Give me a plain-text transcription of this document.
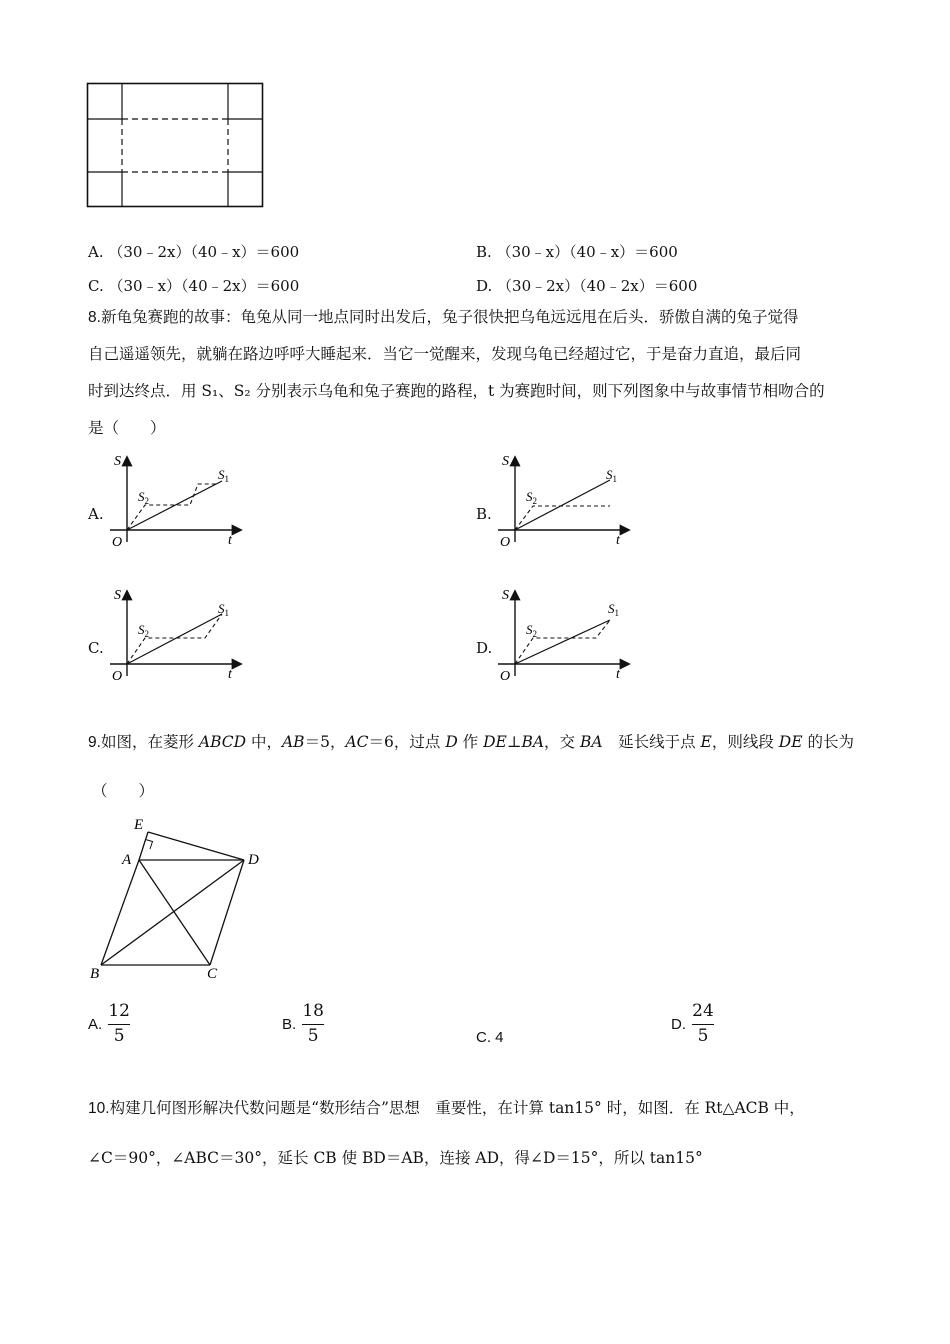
A. （30﹣2x）（40﹣x）＝600	B. （30﹣x）（40﹣x）＝600
C. （30﹣x）（40﹣2x）＝600	D. （30﹣2x）（40﹣2x）＝600
8.新龟兔赛跑的故事：龟兔从同一地点同时出发后，兔子很快把乌龟远远甩在后头．骄傲自满的兔子觉得
自己遥遥领先，就躺在路边呼呼大睡起来．当它一觉醒来，发现乌龟已经超过它，于是奋力直追，最后同
时到达终点．用 S₁、S₂ 分别表示乌龟和兔子赛跑的路程，t 为赛跑时间，则下列图象中与故事情节相吻合的
是（　　）
A.	B.
C.	D.
S
t
O
$S_1$
$S_2$
S
t
O
$S_1$
$S_2$
S
t
O
$S_1$
$S_2$
S
t
O
$S_1$
$S_2$
9.如图，在菱形 ABCD 中，AB＝5，AC＝6，过点 D 作 DE⊥BA，交 BA　延长线于点 E，则线段 DE 的长为
（　　）
E
A	D
B	C
A. $\frac{12}{5}$	B. $\frac{18}{5}$	C. 4
D. $\frac{24}{5}$
10.构建几何图形解决代数问题是“数形结合”思想　重要性，在计算 tan15° 时，如图．在 Rt△ACB 中，
∠C＝90°，∠ABC＝30°，延长 CB 使 BD＝AB，连接 AD，得∠D＝15°，所以 tan15°
